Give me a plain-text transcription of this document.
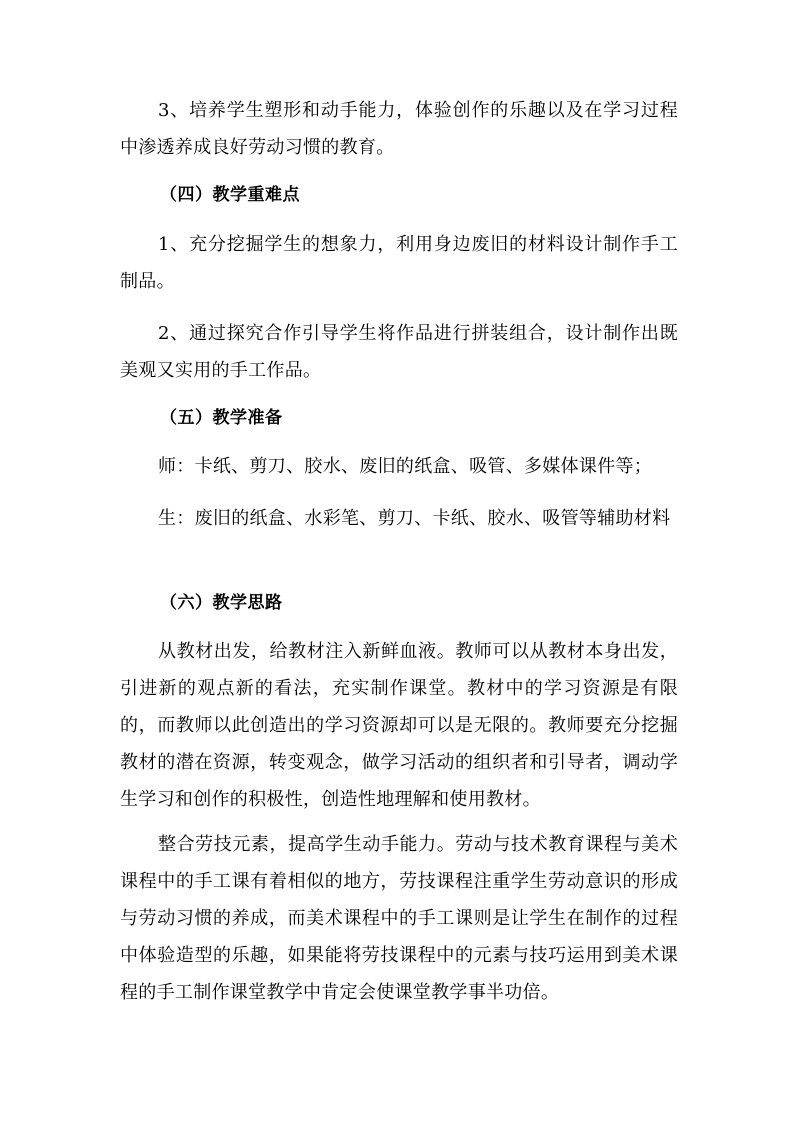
3、培养学生塑形和动手能力，体验创作的乐趣以及在学习过程中渗透养成良好劳动习惯的教育。

（四）教学重难点

1、充分挖掘学生的想象力，利用身边废旧的材料设计制作手工制品。

2、通过探究合作引导学生将作品进行拼装组合，设计制作出既美观又实用的手工作品。

（五）教学准备

师：卡纸、剪刀、胶水、废旧的纸盒、吸管、多媒体课件等；

生：废旧的纸盒、水彩笔、剪刀、卡纸、胶水、吸管等辅助材料

（六）教学思路

从教材出发，给教材注入新鲜血液。教师可以从教材本身出发，引进新的观点新的看法，充实制作课堂。教材中的学习资源是有限的，而教师以此创造出的学习资源却可以是无限的。教师要充分挖掘教材的潜在资源，转变观念，做学习活动的组织者和引导者，调动学生学习和创作的积极性，创造性地理解和使用教材。

整合劳技元素，提高学生动手能力。劳动与技术教育课程与美术课程中的手工课有着相似的地方，劳技课程注重学生劳动意识的形成与劳动习惯的养成，而美术课程中的手工课则是让学生在制作的过程中体验造型的乐趣，如果能将劳技课程中的元素与技巧运用到美术课程的手工制作课堂教学中肯定会使课堂教学事半功倍。
